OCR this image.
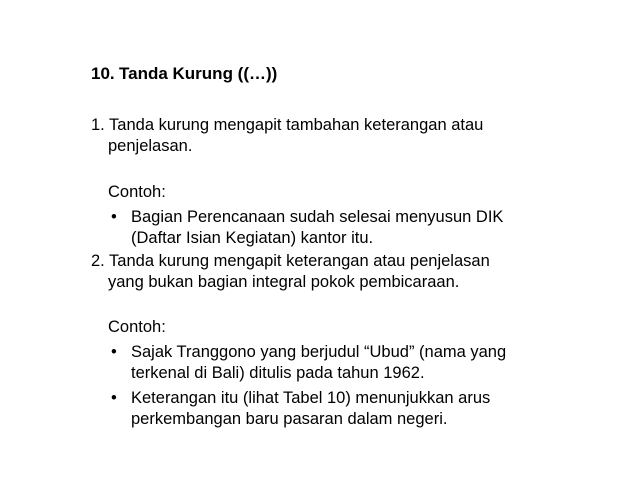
10. Tanda Kurung ((…))
1. Tanda kurung mengapit tambahan keterangan atau
penjelasan.
Contoh:
• Bagian Perencanaan sudah selesai menyusun DIK
(Daftar Isian Kegiatan) kantor itu.
2. Tanda kurung mengapit keterangan atau penjelasan
yang bukan bagian integral pokok pembicaraan.
Contoh:
• Sajak Tranggono yang berjudul “Ubud” (nama yang
terkenal di Bali) ditulis pada tahun 1962.
• Keterangan itu (lihat Tabel 10) menunjukkan arus
perkembangan baru pasaran dalam negeri.
